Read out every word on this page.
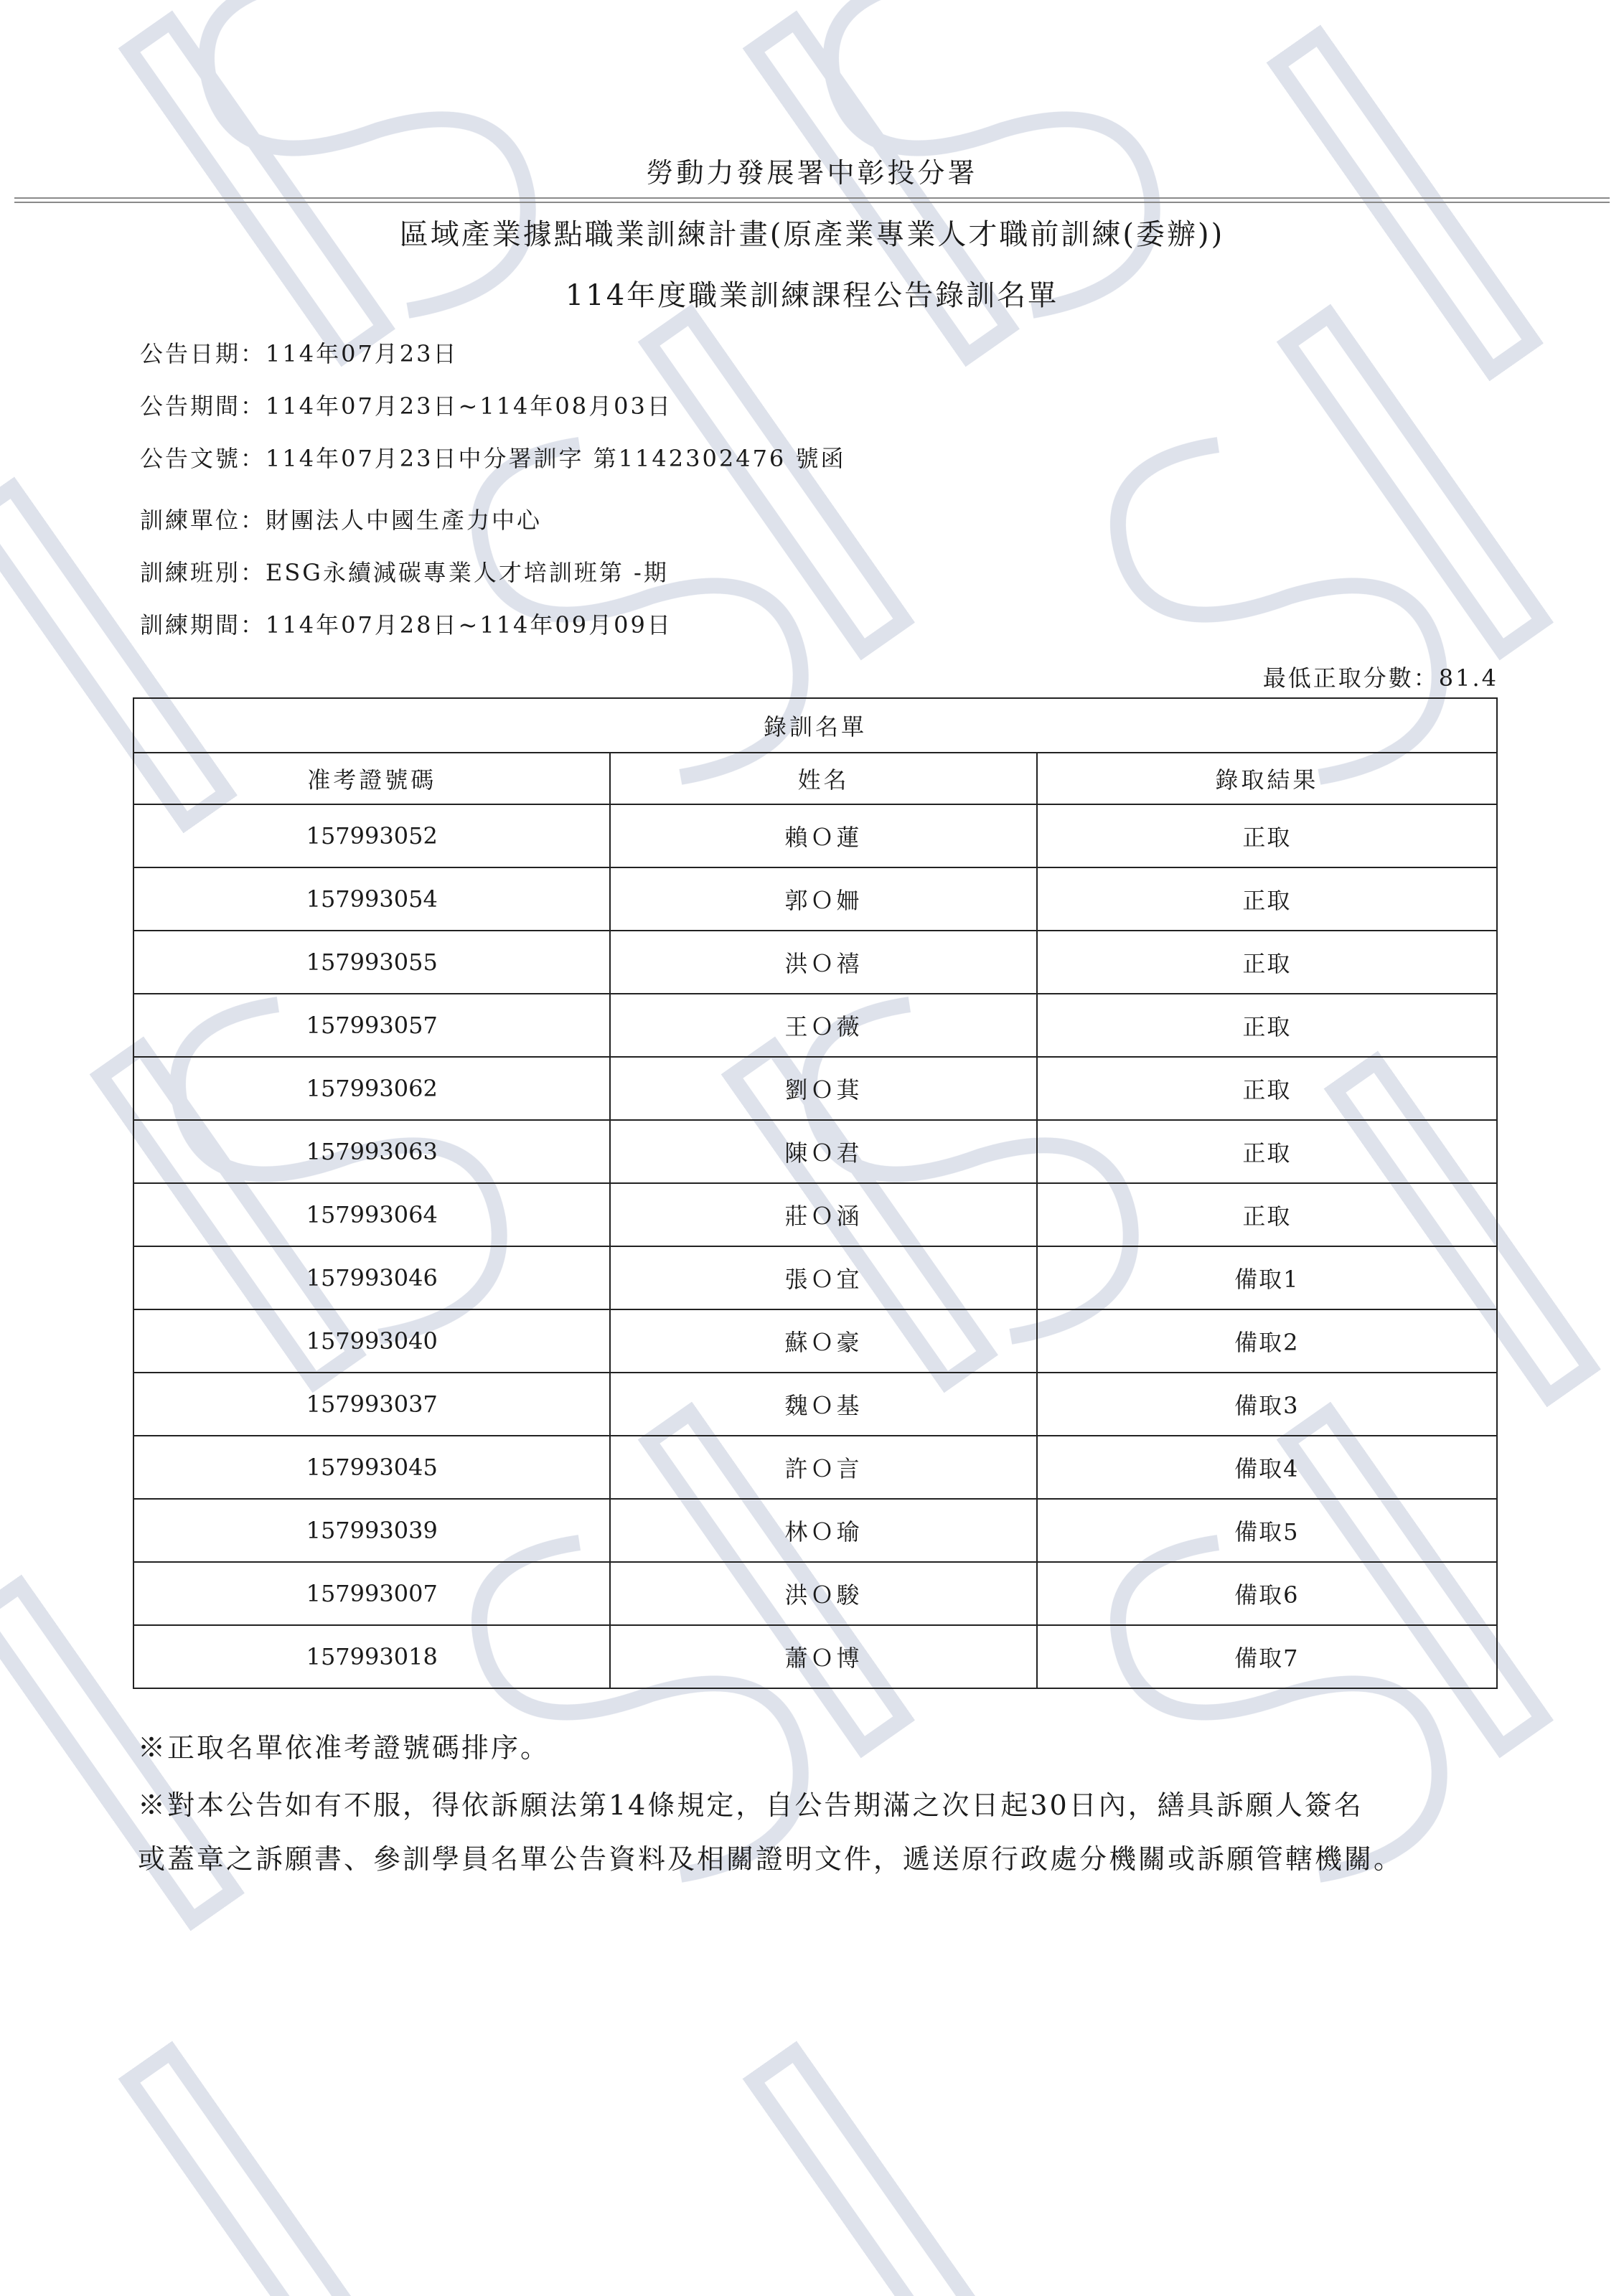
勞動力發展署中彰投分署
區域產業據點職業訓練計畫(原產業專業人才職前訓練(委辦))
114年度職業訓練課程公告錄訓名單
公告日期：114年07月23日
公告期間：114年07月23日~114年08月03日
公告文號：114年07月23日中分署訓字 第1142302476 號函
訓練單位：財團法人中國生產力中心
訓練班別：ESG永續減碳專業人才培訓班第 -期
訓練期間：114年07月28日~114年09月09日
最低正取分數：81.4
錄訓名單		
准考證號碼	姓名	錄取結果
157993052	賴Ｏ蓮	正取
157993054	郭Ｏ姍	正取
157993055	洪Ｏ禧	正取
157993057	王Ｏ薇	正取
157993062	劉Ｏ萁	正取
157993063	陳Ｏ君	正取
157993064	莊Ｏ涵	正取
157993046	張Ｏ宜	備取1
157993040	蘇Ｏ豪	備取2
157993037	魏Ｏ基	備取3
157993045	許Ｏ言	備取4
157993039	林Ｏ瑜	備取5
157993007	洪Ｏ駿	備取6
157993018	蕭Ｏ博	備取7
※正取名單依准考證號碼排序。
※對本公告如有不服，得依訴願法第14條規定，自公告期滿之次日起30日內，繕具訴願人簽名
或蓋章之訴願書、參訓學員名單公告資料及相關證明文件，遞送原行政處分機關或訴願管轄機關。
